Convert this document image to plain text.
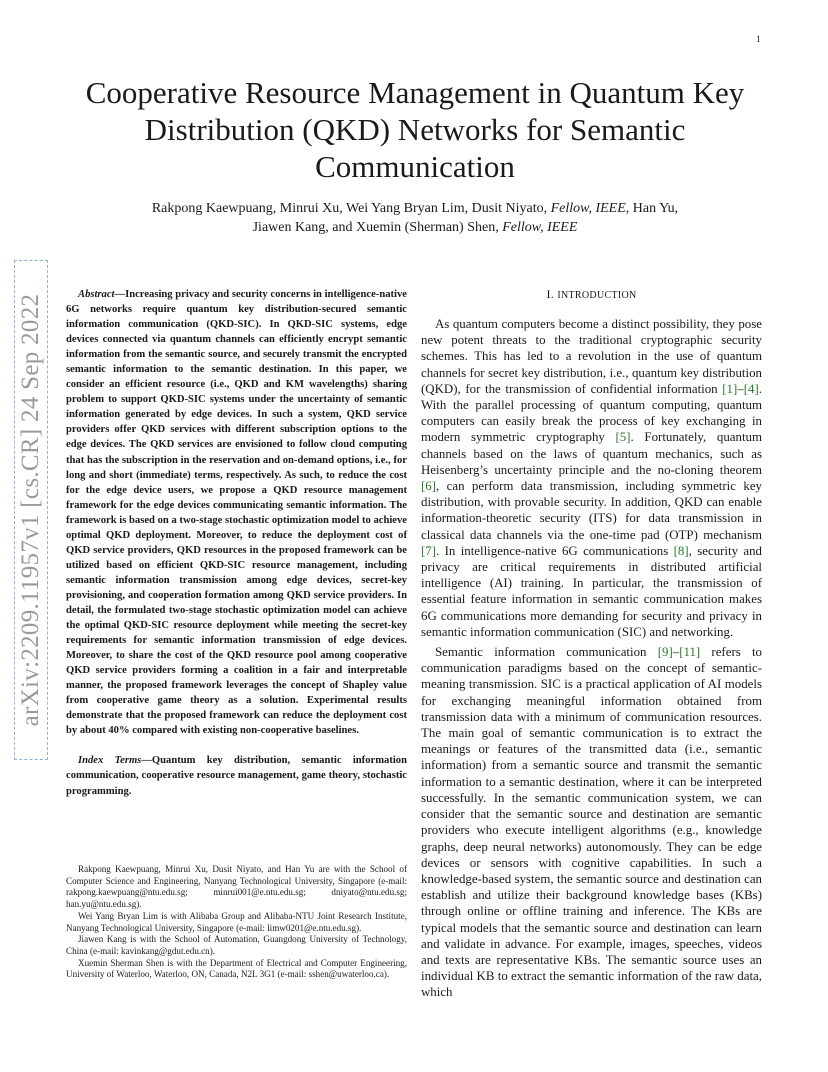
1
arXiv:2209.11957v1 [cs.CR] 24 Sep 2022
Cooperative Resource Management in Quantum Key Distribution (QKD) Networks for Semantic Communication
Rakpong Kaewpuang, Minrui Xu, Wei Yang Bryan Lim, Dusit Niyato, Fellow, IEEE, Han Yu,
Jiawen Kang, and Xuemin (Sherman) Shen, Fellow, IEEE

Abstract—Increasing privacy and security concerns in intelligence-native 6G networks require quantum key distribution-secured semantic information communication (QKD-SIC). In QKD-SIC systems, edge devices connected via quantum channels can efficiently encrypt semantic information from the semantic source, and securely transmit the encrypted semantic information to the semantic destination. In this paper, we consider an efficient resource (i.e., QKD and KM wavelengths) sharing problem to support QKD-SIC systems under the uncertainty of semantic information generated by edge devices. In such a system, QKD service providers offer QKD services with different subscription options to the edge devices. The QKD services are envisioned to follow cloud computing that has the subscription in the reservation and on-demand options, i.e., for long and short (immediate) terms, respectively. As such, to reduce the cost for the edge device users, we propose a QKD resource management framework for the edge devices communicating semantic information. The framework is based on a two-stage stochastic optimization model to achieve optimal QKD deployment. Moreover, to reduce the deployment cost of QKD service providers, QKD resources in the proposed framework can be utilized based on efficient QKD-SIC resource management, including semantic information transmission among edge devices, secret-key provisioning, and cooperation formation among QKD service providers. In detail, the formulated two-stage stochastic optimization model can achieve the optimal QKD-SIC resource deployment while meeting the secret-key requirements for semantic information transmission of edge devices. Moreover, to share the cost of the QKD resource pool among cooperative QKD service providers forming a coalition in a fair and interpretable manner, the proposed framework leverages the concept of Shapley value from cooperative game theory as a solution. Experimental results demonstrate that the proposed framework can reduce the deployment cost by about 40% compared with existing non-cooperative baselines.

Index Terms—Quantum key distribution, semantic information communication, cooperative resource management, game theory, stochastic programming.

Rakpong Kaewpuang, Minrui Xu, Dusit Niyato, and Han Yu are with the School of Computer Science and Engineering, Nanyang Technological University, Singapore (e-mail: rakpong.kaewpuang@ntu.edu.sg; minrui001@e.ntu.edu.sg; dniyato@ntu.edu.sg; han.yu@ntu.edu.sg).

Wei Yang Bryan Lim is with Alibaba Group and Alibaba-NTU Joint Research Institute, Nanyang Technological University, Singapore (e-mail: limw0201@e.ntu.edu.sg).

Jiawen Kang is with the School of Automation, Guangdong University of Technology, China (e-mail: kavinkang@gdut.edu.cn).

Xuemin Sherman Shen is with the Department of Electrical and Computer Engineering, University of Waterloo, Waterloo, ON, Canada, N2L 3G1 (e-mail: sshen@uwaterloo.ca).

I. INTRODUCTION

As quantum computers become a distinct possibility, they pose new potent threats to the traditional cryptographic security schemes. This has led to a revolution in the use of quantum channels for secret key distribution, i.e., quantum key distribution (QKD), for the transmission of confidential information [1]–[4]. With the parallel processing of quantum computing, quantum computers can easily break the process of key exchanging in modern symmetric cryptography [5]. Fortunately, quantum channels based on the laws of quantum mechanics, such as Heisenberg’s uncertainty principle and the no-cloning theorem [6], can perform data transmission, including symmetric key distribution, with provable security. In addition, QKD can enable information-theoretic security (ITS) for data transmission in classical data channels via the one-time pad (OTP) mechanism [7]. In intelligence-native 6G communications [8], security and privacy are critical requirements in distributed artificial intelligence (AI) training. In particular, the transmission of essential feature information in semantic communication makes 6G communications more demanding for security and privacy in semantic information communication (SIC) and networking.

Semantic information communication [9]–[11] refers to communication paradigms based on the concept of semantic-meaning transmission. SIC is a practical application of AI models for exchanging meaningful information obtained from transmission data with a minimum of communication resources. The main goal of semantic communication is to extract the meanings or features of the transmitted data (i.e., semantic information) from a semantic source and transmit the semantic information to a semantic destination, where it can be interpreted successfully. In the semantic communication system, we can consider that the semantic source and destination are semantic providers who execute intelligent algorithms (e.g., knowledge graphs, deep neural networks) autonomously. They can be edge devices or sensors with cognitive capabilities. In such a knowledge-based system, the semantic source and destination can establish and utilize their background knowledge bases (KBs) through online or offline training and inference. The KBs are typical models that the semantic source and destination can learn and validate in advance. For example, images, speeches, videos and texts are representative KBs. The semantic source uses an individual KB to extract the semantic information of the raw data, which
